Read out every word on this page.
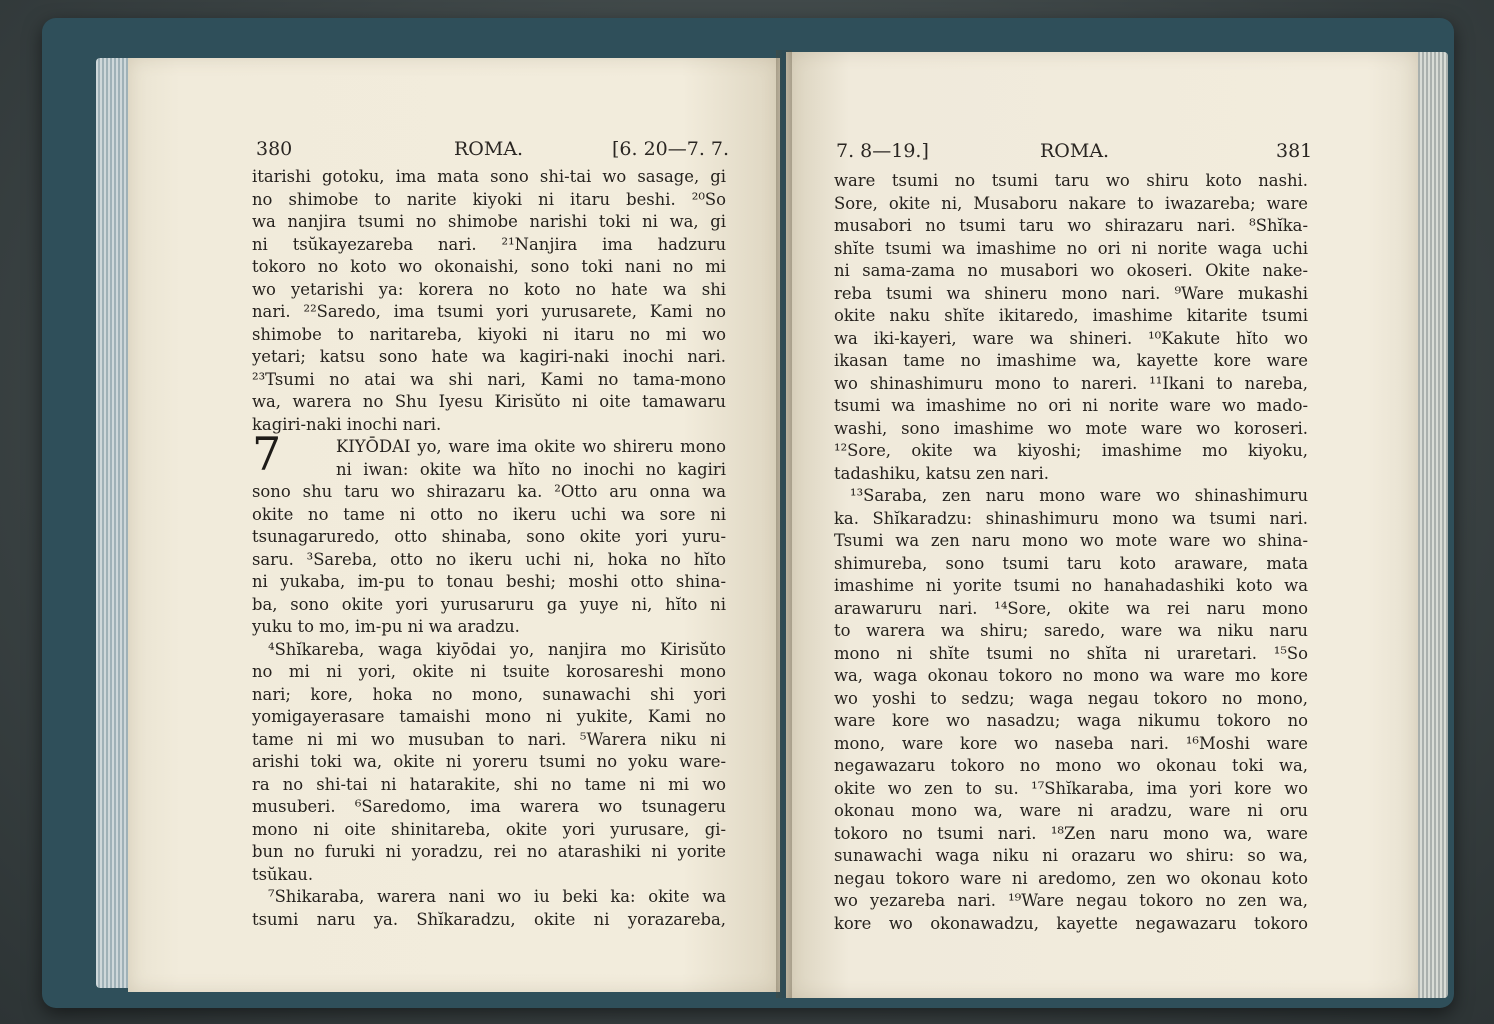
380	ROMA.	[6. 20—7. 7.	7. 8—19.]	ROMA.	381
itarishi gotoku, ima mata sono shi-tai wo sasage, gi
no shimobe to narite kiyoki ni itaru beshi. ²⁰So
wa nanjira tsumi no shimobe narishi toki ni wa, gi
ni tsŭkayezareba nari. ²¹Nanjira ima hadzuru
tokoro no koto wo okonaishi, sono toki nani no mi
wo yetarishi ya: korera no koto no hate wa shi
nari. ²²Saredo, ima tsumi yori yurusarete, Kami no
shimobe to naritareba, kiyoki ni itaru no mi wo
yetari; katsu sono hate wa kagiri-naki inochi nari.
²³Tsumi no atai wa shi nari, Kami no tama-mono
wa, warera no Shu Iyesu Kirisŭto ni oite tamawaru
kagiri-naki inochi nari.
7	KIYŌDAI yo, ware ima okite wo shireru mono
ni iwan: okite wa hĭto no inochi no kagiri
sono shu taru wo shirazaru ka. ²Otto aru onna wa
okite no tame ni otto no ikeru uchi wa sore ni
tsunagaruredo, otto shinaba, sono okite yori yuru-
saru. ³Sareba, otto no ikeru uchi ni, hoka no hĭto
ni yukaba, im-pu to tonau beshi; moshi otto shina-
ba, sono okite yori yurusaruru ga yuye ni, hĭto ni
yuku to mo, im-pu ni wa aradzu.
⁴Shĭkareba, waga kiyōdai yo, nanjira mo Kirisŭto
no mi ni yori, okite ni tsuite korosareshi mono
nari; kore, hoka no mono, sunawachi shi yori
yomigayerasare tamaishi mono ni yukite, Kami no
tame ni mi wo musuban to nari. ⁵Warera niku ni
arishi toki wa, okite ni yoreru tsumi no yoku ware-
ra no shi-tai ni hatarakite, shi no tame ni mi wo
musuberi. ⁶Saredomo, ima warera wo tsunageru
mono ni oite shinitareba, okite yori yurusare, gi-
bun no furuki ni yoradzu, rei no atarashiki ni yorite
tsŭkau.
⁷Shikaraba, warera nani wo iu beki ka: okite wa
tsumi naru ya. Shĭkaradzu, okite ni yorazareba,
ware tsumi no tsumi taru wo shiru koto nashi.
Sore, okite ni, Musaboru nakare to iwazareba; ware
musabori no tsumi taru wo shirazaru nari. ⁸Shĭka-
shĭte tsumi wa imashime no ori ni norite waga uchi
ni sama-zama no musabori wo okoseri. Okite nake-
reba tsumi wa shineru mono nari. ⁹Ware mukashi
okite naku shĭte ikitaredo, imashime kitarite tsumi
wa iki-kayeri, ware wa shineri. ¹⁰Kakute hĭto wo
ikasan tame no imashime wa, kayette kore ware
wo shinashimuru mono to nareri. ¹¹Ikani to nareba,
tsumi wa imashime no ori ni norite ware wo mado-
washi, sono imashime wo mote ware wo koroseri.
¹²Sore, okite wa kiyoshi; imashime mo kiyoku,
tadashiku, katsu zen nari.
¹³Saraba, zen naru mono ware wo shinashimuru
ka. Shĭkaradzu: shinashimuru mono wa tsumi nari.
Tsumi wa zen naru mono wo mote ware wo shina-
shimureba, sono tsumi taru koto araware, mata
imashime ni yorite tsumi no hanahadashiki koto wa
arawaruru nari. ¹⁴Sore, okite wa rei naru mono
to warera wa shiru; saredo, ware wa niku naru
mono ni shĭte tsumi no shĭta ni uraretari. ¹⁵So
wa, waga okonau tokoro no mono wa ware mo kore
wo yoshi to sedzu; waga negau tokoro no mono,
ware kore wo nasadzu; waga nikumu tokoro no
mono, ware kore wo naseba nari. ¹⁶Moshi ware
negawazaru tokoro no mono wo okonau toki wa,
okite wo zen to su. ¹⁷Shĭkaraba, ima yori kore wo
okonau mono wa, ware ni aradzu, ware ni oru
tokoro no tsumi nari. ¹⁸Zen naru mono wa, ware
sunawachi waga niku ni orazaru wo shiru: so wa,
negau tokoro ware ni aredomo, zen wo okonau koto
wo yezareba nari. ¹⁹Ware negau tokoro no zen wa,
kore wo okonawadzu, kayette negawazaru tokoro
